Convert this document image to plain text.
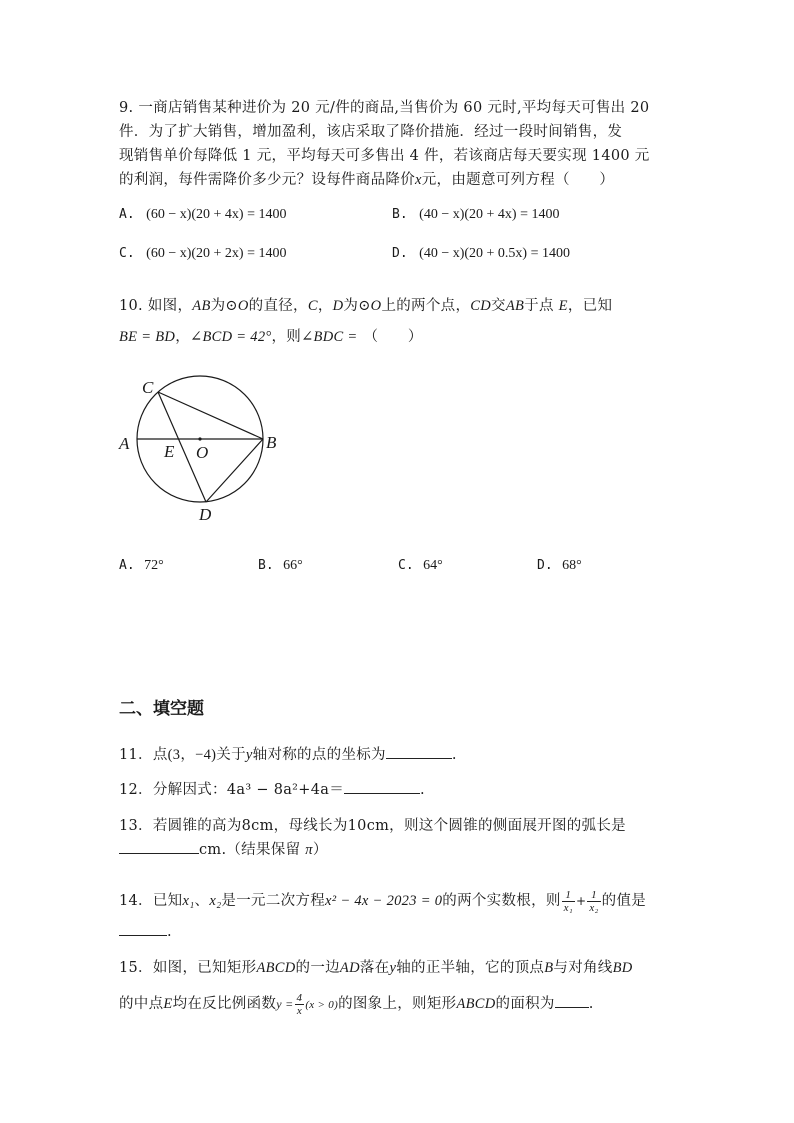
9. 一商店销售某种进价为 20 元/件的商品,当售价为 60 元时,平均每天可售出 20
件．为了扩大销售，增加盈利，该店采取了降价措施．经过一段时间销售，发
现销售单价每降低 1 元，平均每天可多售出 4 件，若该商店每天要实现 1400 元
的利润，每件需降价多少元？设每件商品降价x元，由题意可列方程（　　）
A. (60 − x)(20 + 4x) = 1400	B. (40 − x)(20 + 4x) = 1400
C. (60 − x)(20 + 2x) = 1400	D. (40 − x)(20 + 0.5x) = 1400
10. 如图，AB为⊙O的直径，C，D为⊙O上的两个点，CD交AB于点 E，已知
BE = BD，∠BCD = 42°，则∠BDC = （　　）
A	B
C
D
E O
A. 72°	B. 66°	C. 64°	D. 68°
二、填空题
11．点(3，−4)关于y轴对称的点的坐标为	.
12．分解因式：4a³ − 8a²+4a＝	.
13．若圆锥的高为8cm，母线长为10cm，则这个圆锥的侧面展开图的弧长是
cm.（结果保留 π）
14．已知x₁、x₂是一元二次方程x² − 4x − 2023 = 0的两个实数根，则 $\frac{1}{\text{x₁}} + \frac{1}{\text{x₂}}$ 的值是
.
15．如图，已知矩形ABCD的一边AD落在y轴的正半轴，它的顶点B与对角线BD
的中点E均在反比例函数$y = \frac{4}{x} (x > 0)$的图象上，则矩形ABCD的面积为 .
